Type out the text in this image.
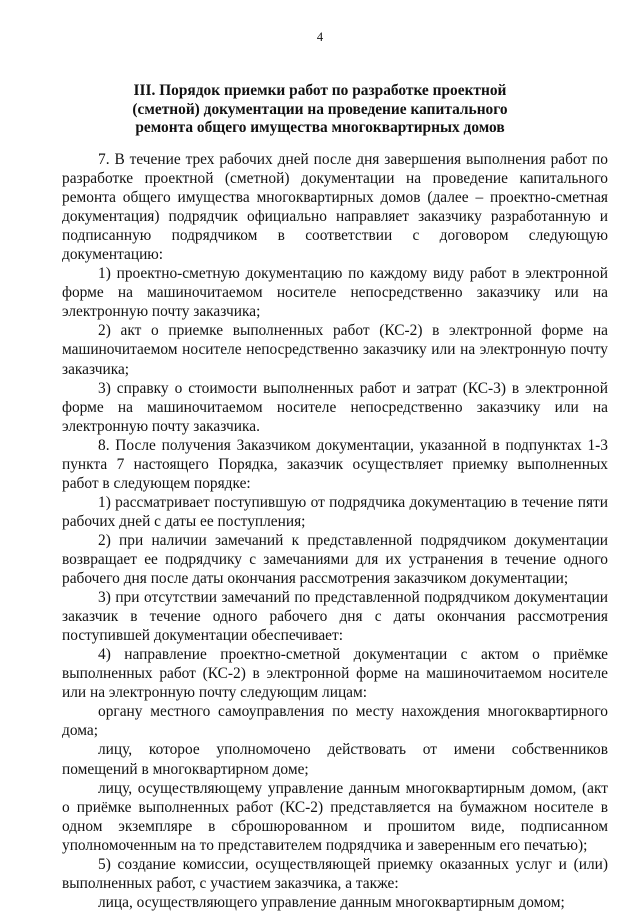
4
III. Порядок приемки работ по разработке проектной (сметной) документации на проведение капитального ремонта общего имущества многоквартирных домов

7. В течение трех рабочих дней после дня завершения выполнения работ по разработке проектной (сметной) документации на проведение капитального ремонта общего имущества многоквартирных домов (далее – проектно-сметная документация) подрядчик официально направляет заказчику разработанную и подписанную подрядчиком в соответствии с договором следующую документацию:

1) проектно-сметную документацию по каждому виду работ в электронной форме на машиночитаемом носителе непосредственно заказчику или на электронную почту заказчика;

2) акт о приемке выполненных работ (КС-2) в электронной форме на машиночитаемом носителе непосредственно заказчику или на электронную почту заказчика;

3) справку о стоимости выполненных работ и затрат (КС-3) в электронной форме на машиночитаемом носителе непосредственно заказчику или на электронную почту заказчика.

8. После получения Заказчиком документации, указанной в подпунктах 1-3 пункта 7 настоящего Порядка, заказчик осуществляет приемку выполненных работ в следующем порядке:

1) рассматривает поступившую от подрядчика документацию в течение пяти рабочих дней с даты ее поступления;

2) при наличии замечаний к представленной подрядчиком документации возвращает ее подрядчику с замечаниями для их устранения в течение одного рабочего дня после даты окончания рассмотрения заказчиком документации;

3) при отсутствии замечаний по представленной подрядчиком документации заказчик в течение одного рабочего дня с даты окончания рассмотрения поступившей документации обеспечивает:

4) направление проектно-сметной документации с актом о приёмке выполненных работ (КС-2) в электронной форме на машиночитаемом носителе или на электронную почту следующим лицам:

органу местного самоуправления по месту нахождения многоквартирного дома;

лицу, которое уполномочено действовать от имени собственников помещений в многоквартирном доме;

лицу, осуществляющему управление данным многоквартирным домом, (акт о приёмке выполненных работ (КС-2) представляется на бумажном носителе в одном экземпляре в сброшюрованном и прошитом виде, подписанном уполномоченным на то представителем подрядчика и заверенным его печатью);

5) создание комиссии, осуществляющей приемку оказанных услуг и (или) выполненных работ, с участием заказчика, а также:

лица, осуществляющего управление данным многоквартирным домом;
